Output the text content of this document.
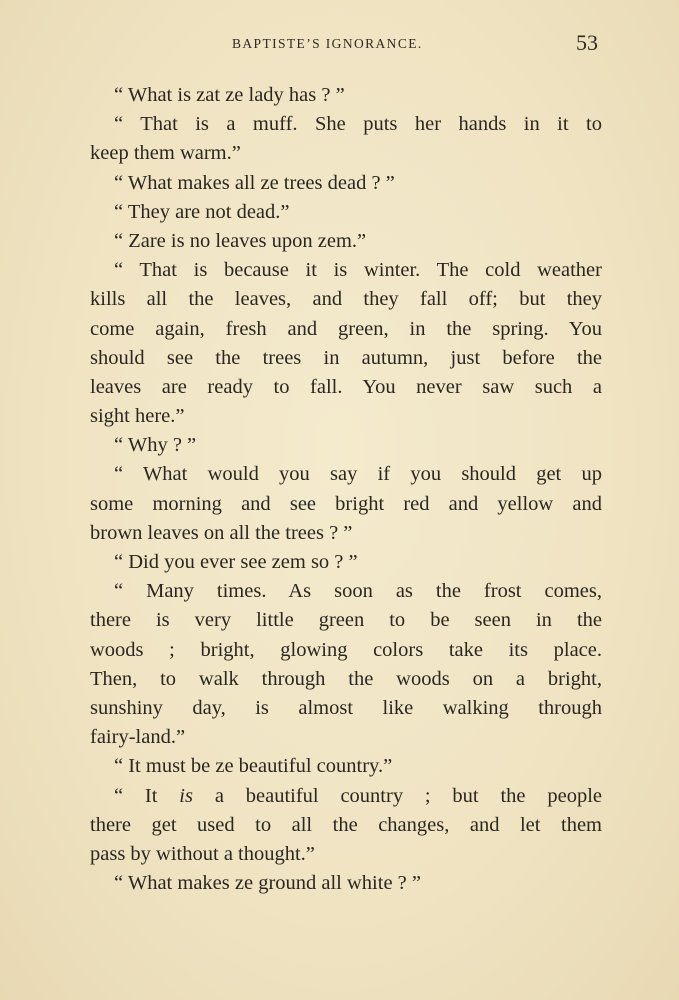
BAPTISTE’S IGNORANCE.	53
“ What is zat ze lady has ? ”
“ That is a muff. She puts her hands in it to
keep them warm.”
“ What makes all ze trees dead ? ”
“ They are not dead.”
“ Zare is no leaves upon zem.”
“ That is because it is winter. The cold weather
kills all the leaves, and they fall off; but they
come again, fresh and green, in the spring. You
should see the trees in autumn, just before the
leaves are ready to fall. You never saw such a
sight here.”
“ Why ? ”
“ What would you say if you should get up
some morning and see bright red and yellow and
brown leaves on all the trees ? ”
“ Did you ever see zem so ? ”
“ Many times. As soon as the frost comes,
there is very little green to be seen in the
woods ; bright, glowing colors take its place.
Then, to walk through the woods on a bright,
sunshiny day, is almost like walking through
fairy-land.”
“ It must be ze beautiful country.”
“ It is a beautiful country ; but the people
there get used to all the changes, and let them
pass by without a thought.”
“ What makes ze ground all white ? ”
